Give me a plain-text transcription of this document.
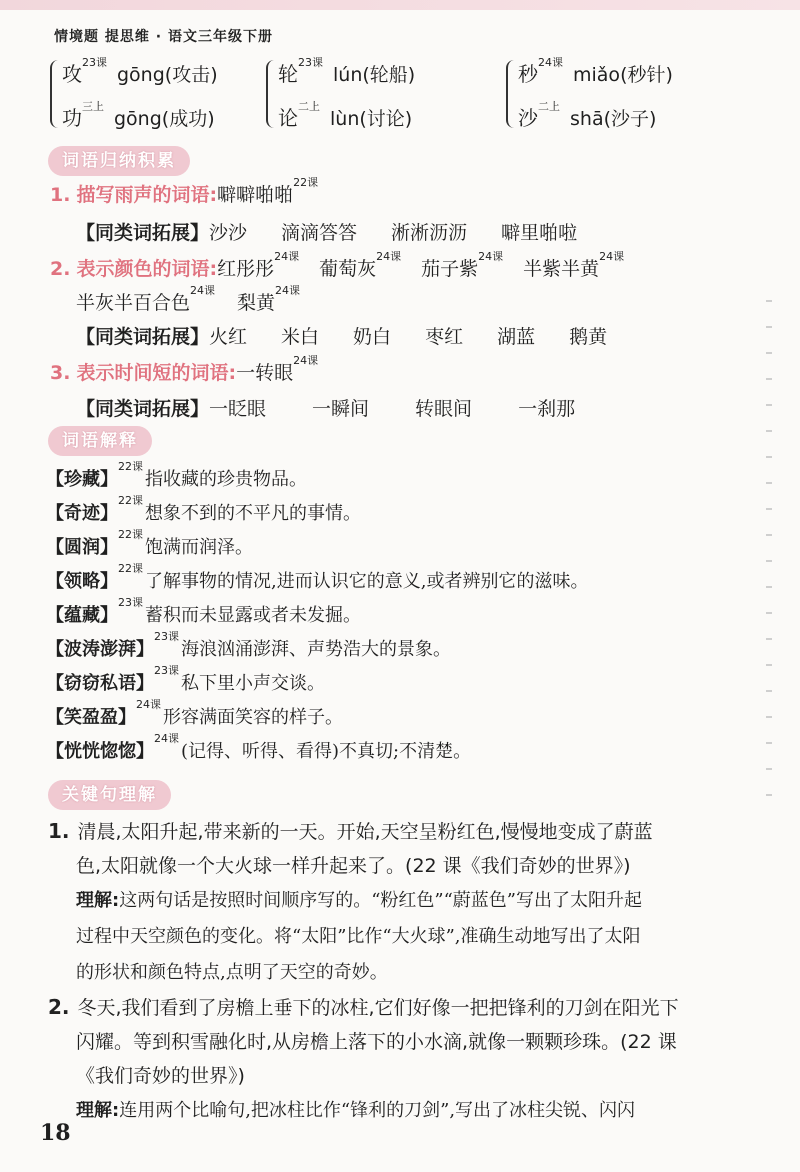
情境题 提思维 · 语文三年级下册
攻$^{23课}$gōng(攻击)
功$^{三上}$gōng(成功)
轮$^{23课}$lún(轮船)
论$^{二上}$lùn(讨论)
秒$^{24课}$miǎo(秒针)
沙$^{二上}$shā(沙子)
词语归纳积累
1. 描写雨声的词语:噼噼啪啪$^{22课}$
【同类词拓展】沙沙 滴滴答答 淅淅沥沥 噼里啪啦
2. 表示颜色的词语:红彤彤$^{24课}$葡萄灰$^{24课}$茄子紫$^{24课}$半紫半黄$^{24课}$
半灰半百合色$^{24课}$梨黄$^{24课}$
【同类词拓展】火红 米白 奶白 枣红 湖蓝 鹅黄
3. 表示时间短的词语:一转眼$^{24课}$
【同类词拓展】一眨眼 一瞬间 转眼间 一刹那
词语解释
【珍藏】$^{22课}$指收藏的珍贵物品。
【奇迹】$^{22课}$想象不到的不平凡的事情。
【圆润】$^{22课}$饱满而润泽。
【领略】$^{22课}$了解事物的情况,进而认识它的意义,或者辨别它的滋味。
【蕴藏】$^{23课}$蓄积而未显露或者未发掘。
【波涛澎湃】$^{23课}$海浪汹涌澎湃、声势浩大的景象。
【窃窃私语】$^{23课}$私下里小声交谈。
【笑盈盈】$^{24课}$形容满面笑容的样子。
【恍恍惚惚】$^{24课}$(记得、听得、看得)不真切;不清楚。
关键句理解
1. 清晨,太阳升起,带来新的一天。开始,天空呈粉红色,慢慢地变成了蔚蓝
色,太阳就像一个大火球一样升起来了。(22 课《我们奇妙的世界》)
理解:这两句话是按照时间顺序写的。“粉红色”“蔚蓝色”写出了太阳升起
过程中天空颜色的变化。将“太阳”比作“大火球”,准确生动地写出了太阳
的形状和颜色特点,点明了天空的奇妙。
2. 冬天,我们看到了房檐上垂下的冰柱,它们好像一把把锋利的刀剑在阳光下
闪耀。等到积雪融化时,从房檐上落下的小水滴,就像一颗颗珍珠。(22 课
《我们奇妙的世界》)
理解:连用两个比喻句,把冰柱比作“锋利的刀剑”,写出了冰柱尖锐、闪闪
18
